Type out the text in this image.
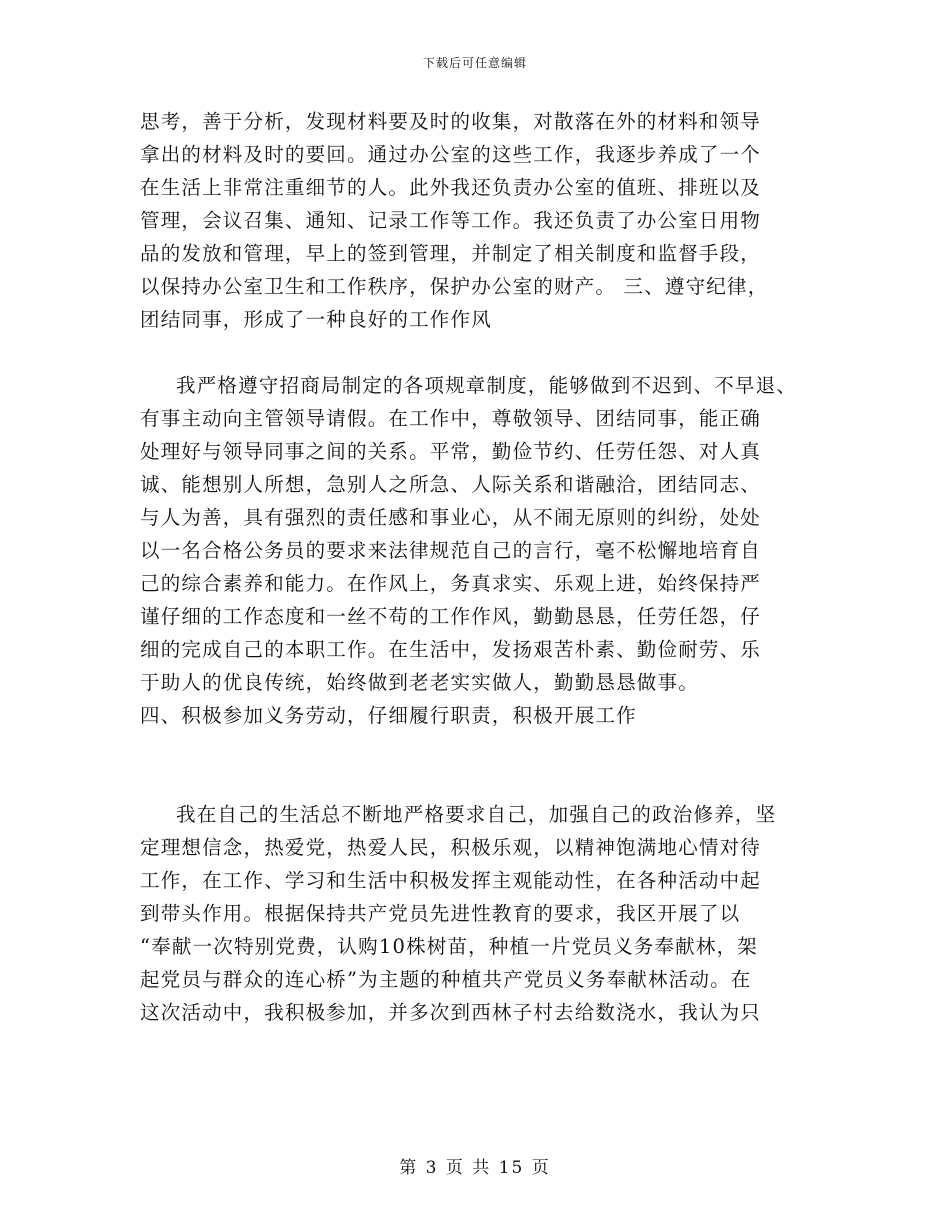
下载后可任意编辑
思考，善于分析，发现材料要及时的收集，对散落在外的材料和领导
拿出的材料及时的要回。通过办公室的这些工作，我逐步养成了一个
在生活上非常注重细节的人。此外我还负责办公室的值班、排班以及
管理，会议召集、通知、记录工作等工作。我还负责了办公室日用物
品的发放和管理，早上的签到管理，并制定了相关制度和监督手段，
以保持办公室卫生和工作秩序，保护办公室的财产。 三、遵守纪律，
团结同事，形成了一种良好的工作作风
我严格遵守招商局制定的各项规章制度，能够做到不迟到、不早退、
有事主动向主管领导请假。在工作中，尊敬领导、团结同事，能正确
处理好与领导同事之间的关系。平常，勤俭节约、任劳任怨、对人真
诚、能想别人所想，急别人之所急、人际关系和谐融洽，团结同志、
与人为善，具有强烈的责任感和事业心，从不闹无原则的纠纷，处处
以一名合格公务员的要求来法律规范自己的言行，毫不松懈地培育自
己的综合素养和能力。在作风上，务真求实、乐观上进，始终保持严
谨仔细的工作态度和一丝不苟的工作作风，勤勤恳恳，任劳任怨，仔
细的完成自己的本职工作。在生活中，发扬艰苦朴素、勤俭耐劳、乐
于助人的优良传统，始终做到老老实实做人，勤勤恳恳做事。
四、积极参加义务劳动，仔细履行职责，积极开展工作
我在自己的生活总不断地严格要求自己，加强自己的政治修养，坚
定理想信念，热爱党，热爱人民，积极乐观，以精神饱满地心情对待
工作，在工作、学习和生活中积极发挥主观能动性，在各种活动中起
到带头作用。根据保持共产党员先进性教育的要求，我区开展了以
“奉献一次特别党费，认购10株树苗，种植一片党员义务奉献林，架
起党员与群众的连心桥”为主题的种植共产党员义务奉献林活动。在
这次活动中，我积极参加，并多次到西林子村去给数浇水，我认为只
第 3 页 共 15 页
